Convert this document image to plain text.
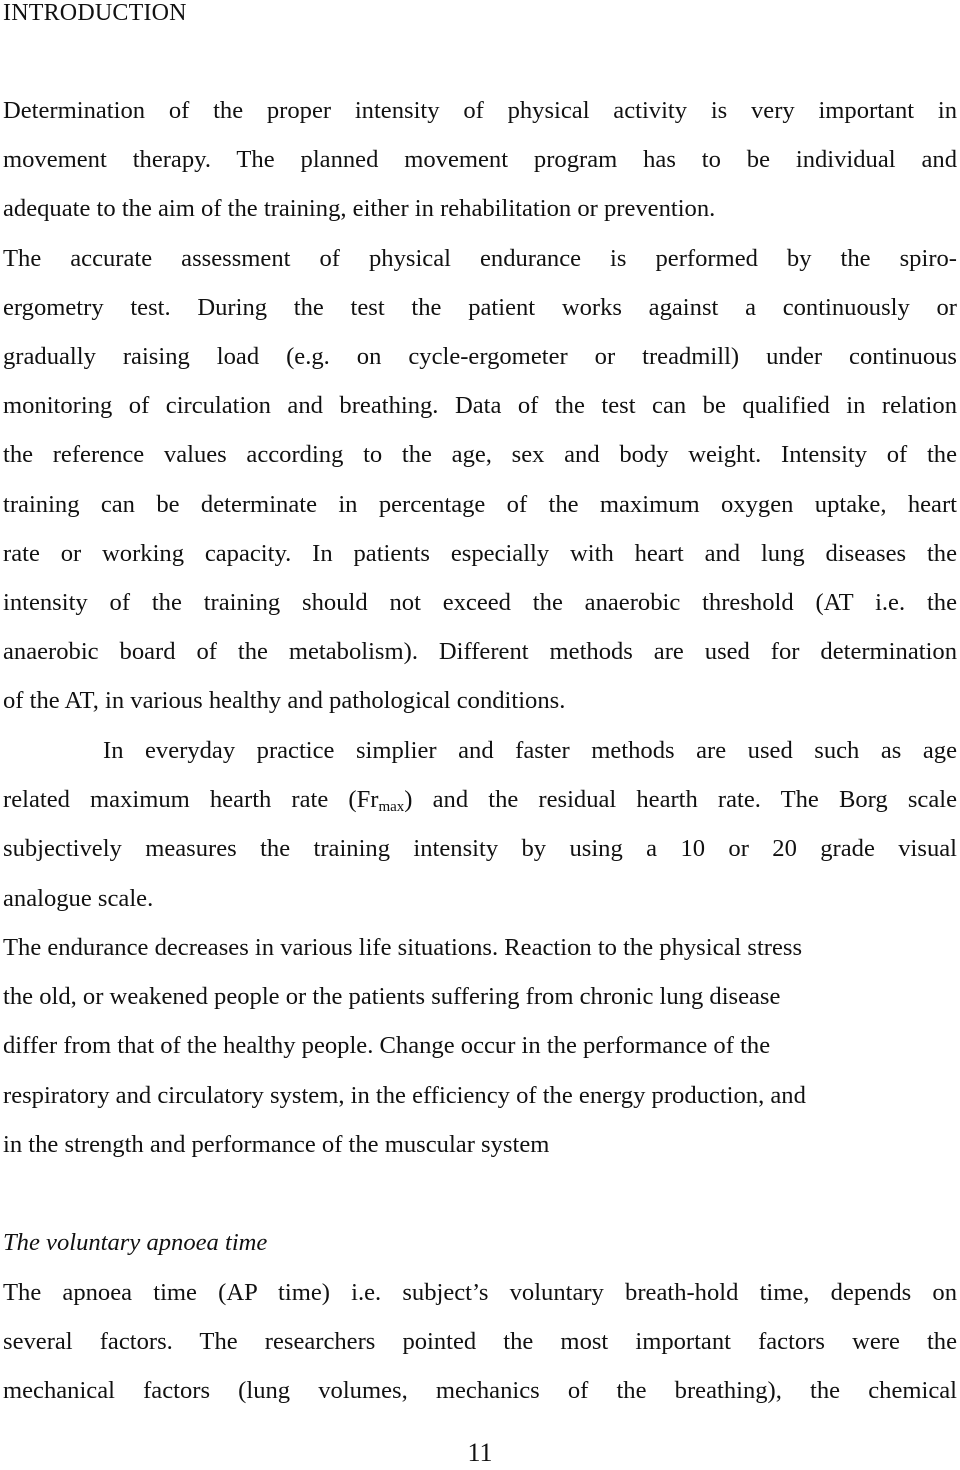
INTRODUCTION
Determination of the proper intensity of physical activity is very important in
movement therapy. The planned movement program has to be individual and
adequate to the aim of the training, either in rehabilitation or prevention.
The accurate assessment of physical endurance is performed by the spiro-
ergometry test. During the test the patient works against a continuously or
gradually raising load (e.g. on cycle-ergometer or treadmill) under continuous
monitoring of circulation and breathing. Data of the test can be qualified in relation
the reference values according to the age, sex and body weight. Intensity of the
training can be determinate in percentage of the maximum oxygen uptake, heart
rate or working capacity. In patients especially with heart and lung diseases the
intensity of the training should not exceed the anaerobic threshold (AT i.e. the
anaerobic board of the metabolism). Different methods are used for determination
of the AT, in various healthy and pathological conditions.
In everyday practice simplier and faster methods are used such as age
related maximum hearth rate $(Fr_{max})$ and the residual hearth rate. The Borg scale
subjectively measures the training intensity by using a 10 or 20 grade visual
analogue scale.
The endurance decreases in various life situations. Reaction to the physical stress
the old, or weakened people or the patients suffering from chronic lung disease
differ from that of the healthy people. Change occur in the performance of the
respiratory and circulatory system, in the efficiency of the energy production, and
in the strength and performance of the muscular system
The voluntary apnoea time
The apnoea time (AP time) i.e. subject’s voluntary breath-hold time, depends on
several factors. The researchers pointed the most important factors were the
mechanical factors (lung volumes, mechanics of the breathing), the chemical
11
